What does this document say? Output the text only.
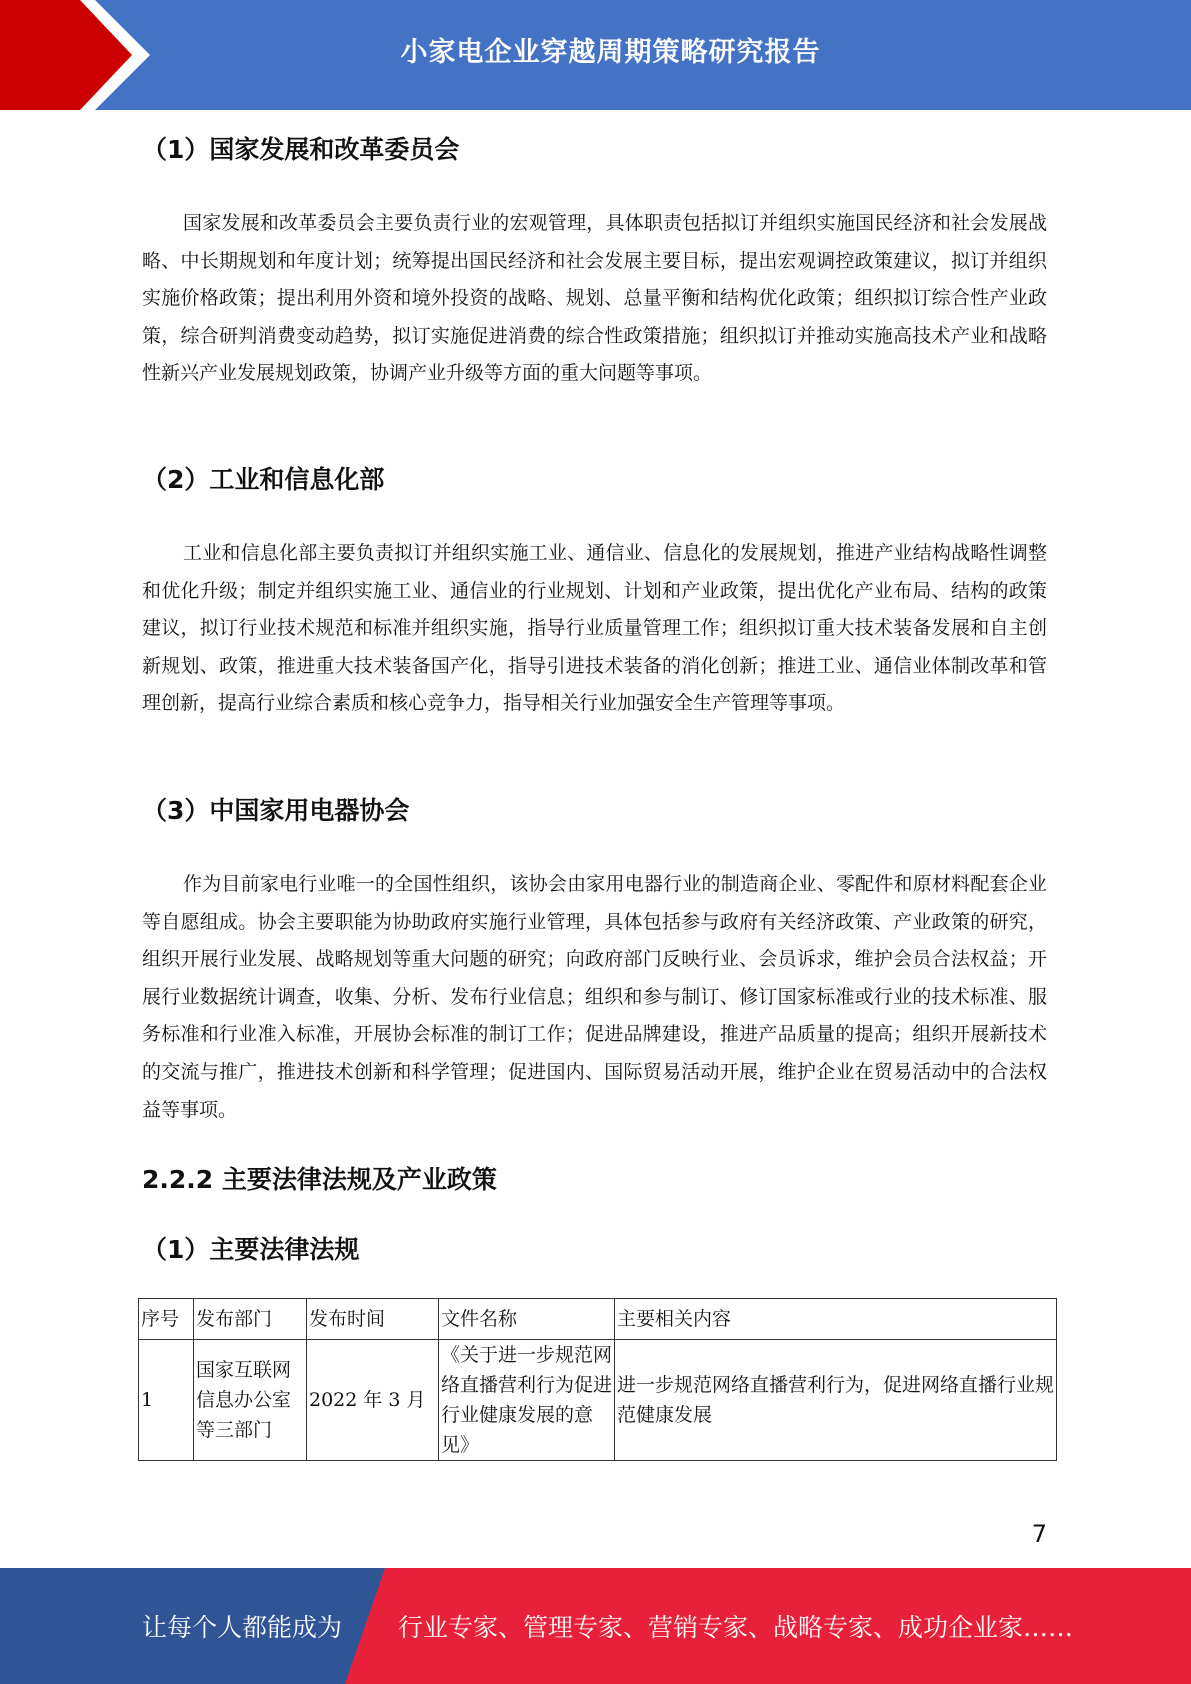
小家电企业穿越周期策略研究报告
（1）国家发展和改革委员会

国家发展和改革委员会主要负责行业的宏观管理，具体职责包括拟订并组织实施国民经济和社会发展战略、中长期规划和年度计划；统筹提出国民经济和社会发展主要目标，提出宏观调控政策建议，拟订并组织实施价格政策；提出利用外资和境外投资的战略、规划、总量平衡和结构优化政策；组织拟订综合性产业政策，综合研判消费变动趋势，拟订实施促进消费的综合性政策措施；组织拟订并推动实施高技术产业和战略性新兴产业发展规划政策，协调产业升级等方面的重大问题等事项。

（2）工业和信息化部

工业和信息化部主要负责拟订并组织实施工业、通信业、信息化的发展规划，推进产业结构战略性调整和优化升级；制定并组织实施工业、通信业的行业规划、计划和产业政策，提出优化产业布局、结构的政策建议，拟订行业技术规范和标准并组织实施，指导行业质量管理工作；组织拟订重大技术装备发展和自主创新规划、政策，推进重大技术装备国产化，指导引进技术装备的消化创新；推进工业、通信业体制改革和管理创新，提高行业综合素质和核心竞争力，指导相关行业加强安全生产管理等事项。

（3）中国家用电器协会

作为目前家电行业唯一的全国性组织，该协会由家用电器行业的制造商企业、零配件和原材料配套企业等自愿组成。协会主要职能为协助政府实施行业管理，具体包括参与政府有关经济政策、产业政策的研究，组织开展行业发展、战略规划等重大问题的研究；向政府部门反映行业、会员诉求，维护会员合法权益；开展行业数据统计调查，收集、分析、发布行业信息；组织和参与制订、修订国家标准或行业的技术标准、服务标准和行业准入标准，开展协会标准的制订工作；促进品牌建设，推进产品质量的提高；组织开展新技术的交流与推广，推进技术创新和科学管理；促进国内、国际贸易活动开展，维护企业在贸易活动中的合法权益等事项。

2.2.2 主要法律法规及产业政策
（1）主要法律法规
序号	发布部门	发布时间	文件名称	主要相关内容
1	国家互联网信息办公室等三部门	2022 年 3 月	《关于进一步规范网络直播营利行为促进行业健康发展的意见》	进一步规范网络直播营利行为，促进网络直播行业规范健康发展
7
让每个人都能成为 行业专家、管理专家、营销专家、战略专家、成功企业家……
